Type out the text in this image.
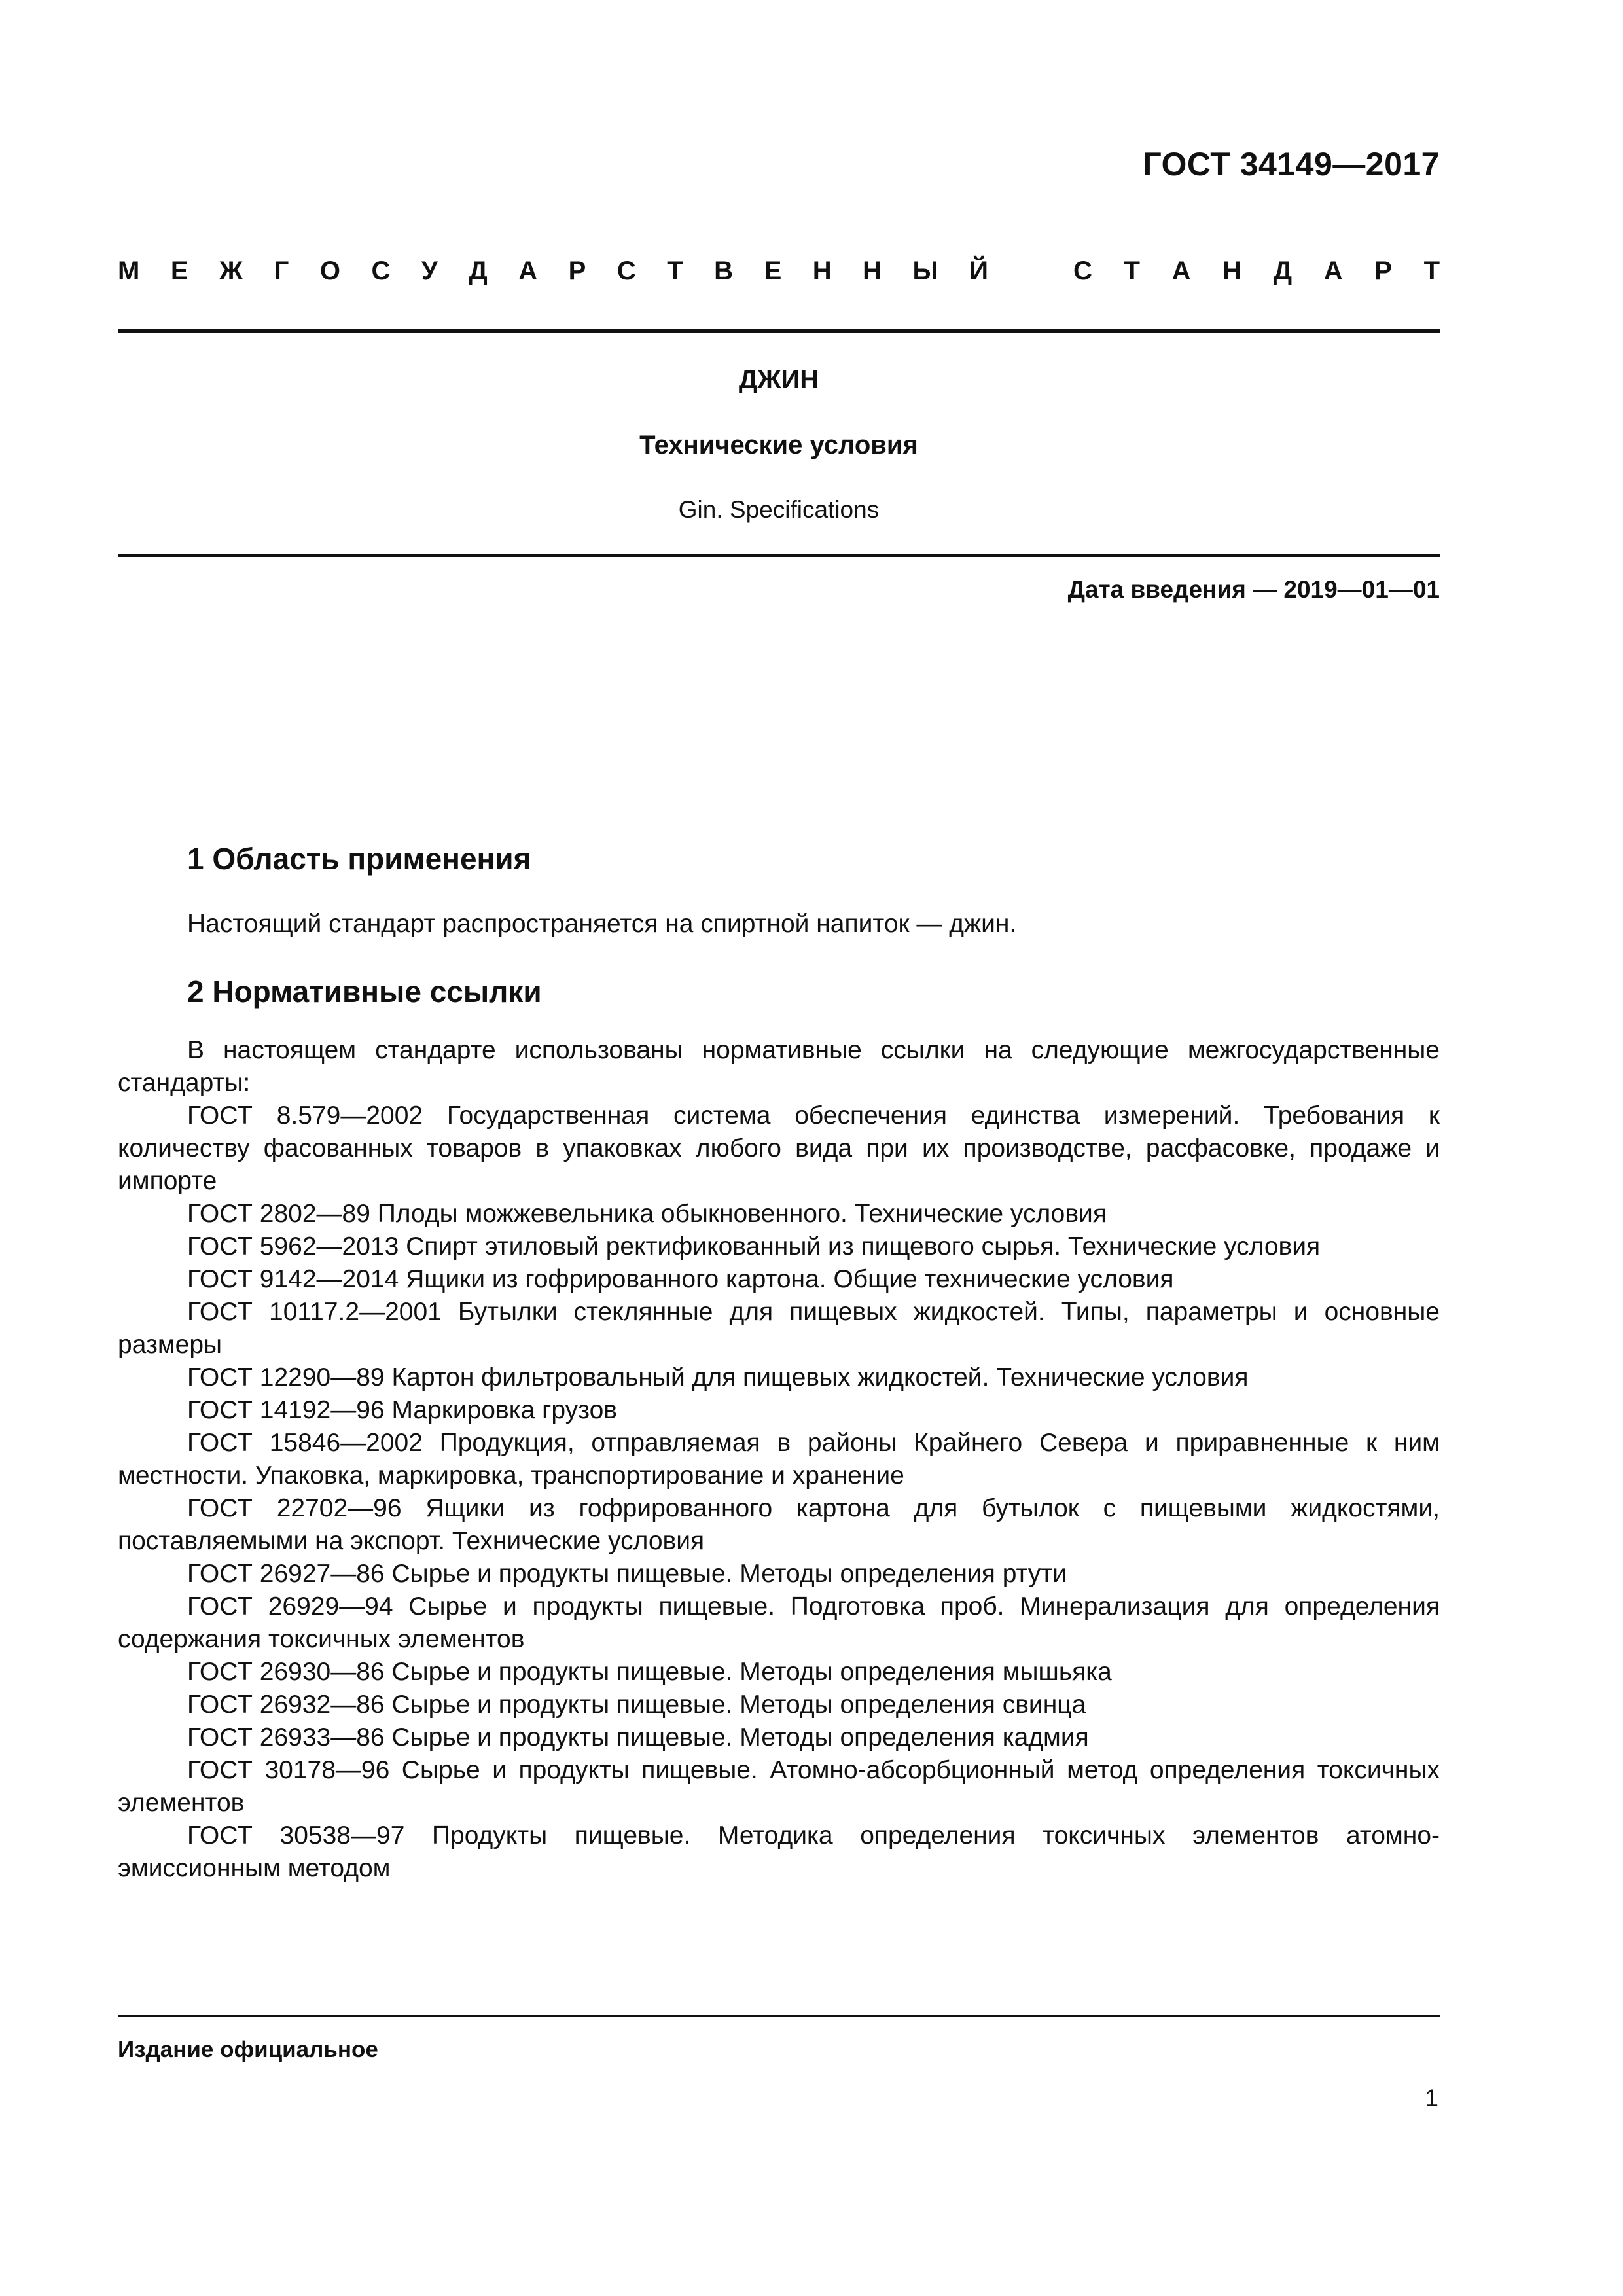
ГОСТ 34149—2017
М Е Ж Г О С У Д А Р С Т В Е Н Н Ы Й	С Т А Н Д А Р Т
ДЖИН
Технические условия
Gin. Specifications
Дата введения — 2019—01—01
1 Область применения

Настоящий стандарт распространяется на спиртной напиток — джин.

2 Нормативные ссылки

В настоящем стандарте использованы нормативные ссылки на следующие межгосударственные стандарты:

ГОСТ 8.579—2002 Государственная система обеспечения единства измерений. Требования к количеству фасованных товаров в упаковках любого вида при их производстве, расфасовке, продаже и импорте

ГОСТ 2802—89 Плоды можжевельника обыкновенного. Технические условия

ГОСТ 5962—2013 Спирт этиловый ректификованный из пищевого сырья. Технические условия

ГОСТ 9142—2014 Ящики из гофрированного картона. Общие технические условия

ГОСТ 10117.2—2001 Бутылки стеклянные для пищевых жидкостей. Типы, параметры и основные размеры

ГОСТ 12290—89 Картон фильтровальный для пищевых жидкостей. Технические условия

ГОСТ 14192—96 Маркировка грузов

ГОСТ 15846—2002 Продукция, отправляемая в районы Крайнего Севера и приравненные к ним местности. Упаковка, маркировка, транспортирование и хранение

ГОСТ 22702—96 Ящики из гофрированного картона для бутылок с пищевыми жидкостями, поставляемыми на экспорт. Технические условия

ГОСТ 26927—86 Сырье и продукты пищевые. Методы определения ртути

ГОСТ 26929—94 Сырье и продукты пищевые. Подготовка проб. Минерализация для определения содержания токсичных элементов

ГОСТ 26930—86 Сырье и продукты пищевые. Методы определения мышьяка

ГОСТ 26932—86 Сырье и продукты пищевые. Методы определения свинца

ГОСТ 26933—86 Сырье и продукты пищевые. Методы определения кадмия

ГОСТ 30178—96 Сырье и продукты пищевые. Атомно-абсорбционный метод определения токсичных элементов

ГОСТ 30538—97 Продукты пищевые. Методика определения токсичных элементов атомно-эмиссионным методом

Издание официальное
1
